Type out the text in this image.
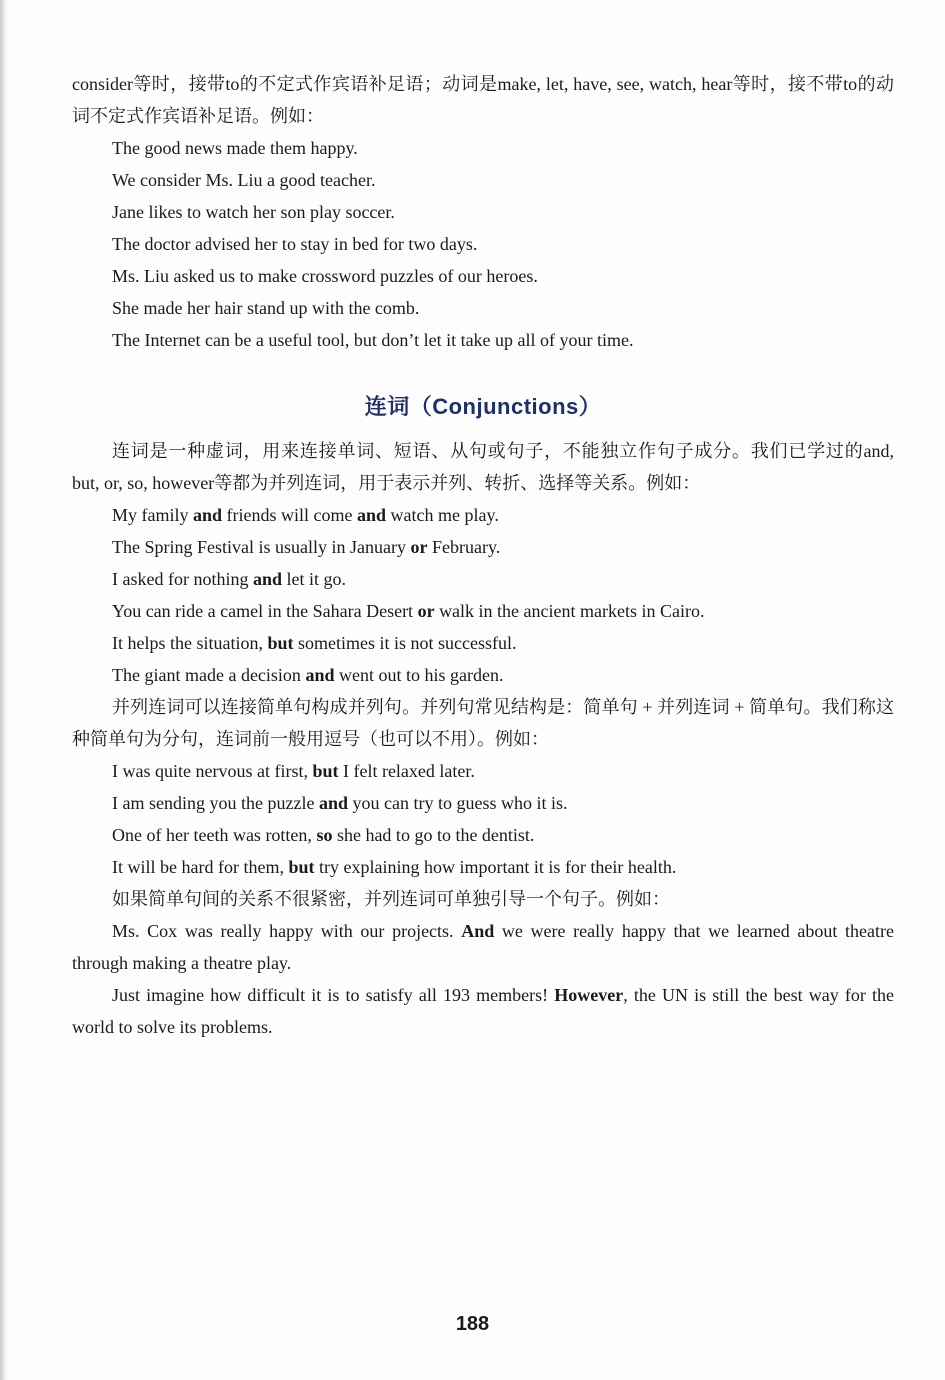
consider等时，接带to的不定式作宾语补足语；动词是make, let, have, see, watch, hear等时，接不带to的动词不定式作宾语补足语。例如：

The good news made them happy.

We consider Ms. Liu a good teacher.

Jane likes to watch her son play soccer.

The doctor advised her to stay in bed for two days.

Ms. Liu asked us to make crossword puzzles of our heroes.

She made her hair stand up with the comb.

The Internet can be a useful tool, but don’t let it take up all of your time.

连词（Conjunctions）

连词是一种虚词，用来连接单词、短语、从句或句子，不能独立作句子成分。我们已学过的and, but, or, so, however等都为并列连词，用于表示并列、转折、选择等关系。例如：

My family and friends will come and watch me play.

The Spring Festival is usually in January or February.

I asked for nothing and let it go.

You can ride a camel in the Sahara Desert or walk in the ancient markets in Cairo.

It helps the situation, but sometimes it is not successful.

The giant made a decision and went out to his garden.

并列连词可以连接简单句构成并列句。并列句常见结构是：简单句 + 并列连词 + 简单句。我们称这种简单句为分句，连词前一般用逗号（也可以不用）。例如：

I was quite nervous at first, but I felt relaxed later.

I am sending you the puzzle and you can try to guess who it is.

One of her teeth was rotten, so she had to go to the dentist.

It will be hard for them, but try explaining how important it is for their health.

如果简单句间的关系不很紧密，并列连词可单独引导一个句子。例如：

Ms. Cox was really happy with our projects. And we were really happy that we learned about theatre through making a theatre play.

Just imagine how difficult it is to satisfy all 193 members! However, the UN is still the best way for the world to solve its problems.

188
